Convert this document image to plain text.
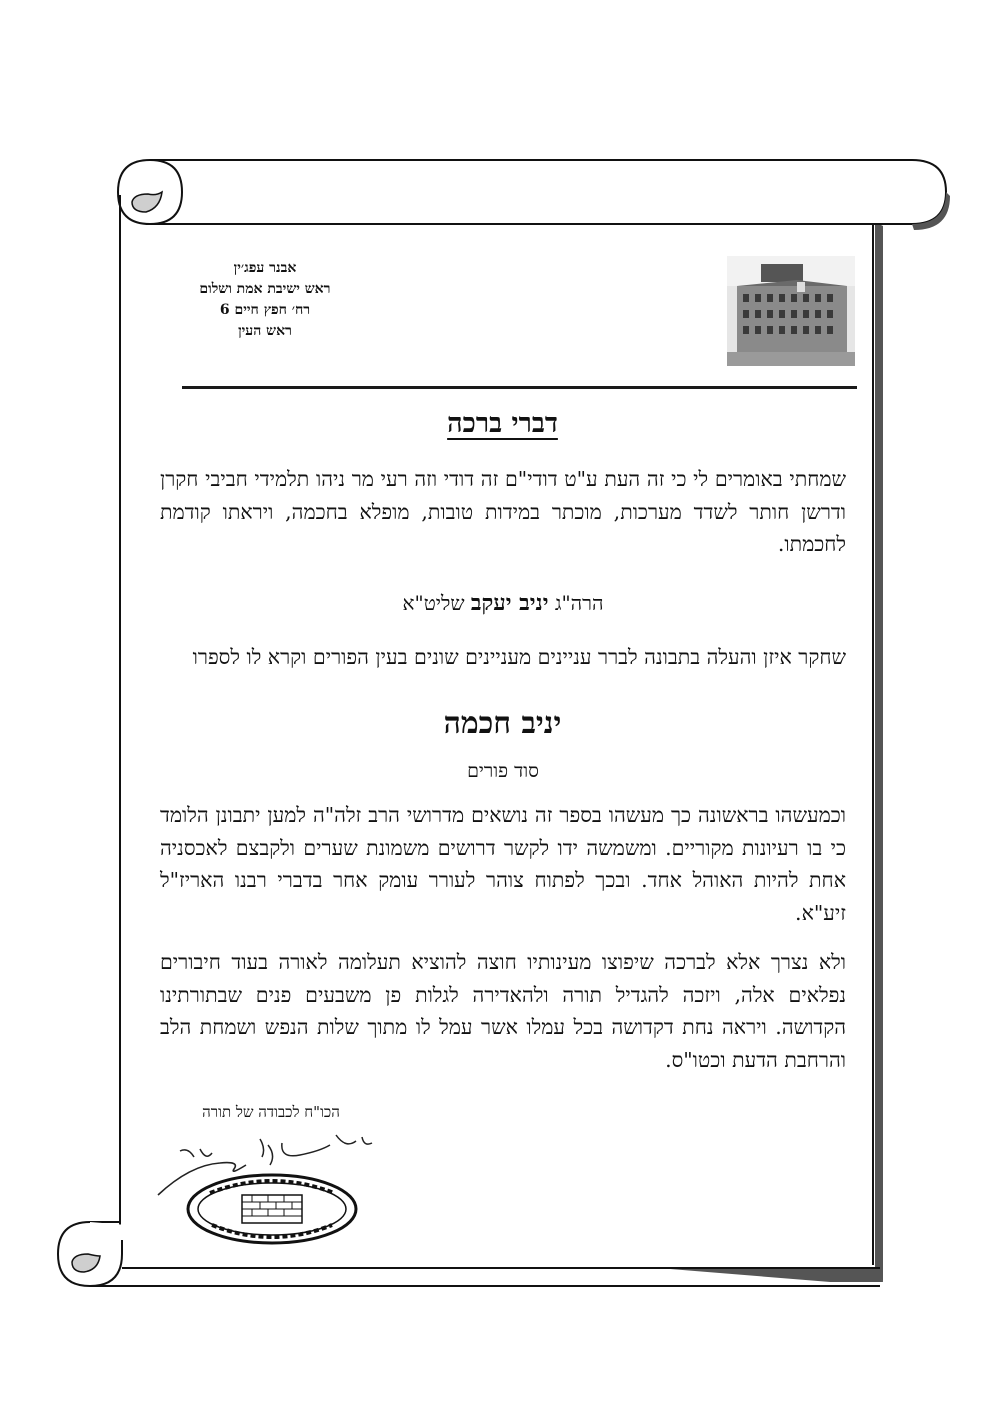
אבנר עפג׳ין
ראש ישיבת אמת ושלום
רח׳ חפץ חיים 6
ראש העין
דברי ברכה

שמחתי באומרים לי כי זה העת ע"ט דודי"ם זה דודי וזה רעי מר ניהו תלמידי חביבי חקרן ודרשן חותר לשדד מערכות, מוכתר במידות טובות, מופלא בחכמה, ויראתו קודמת לחכמתו.

הרה"ג יניב יעקב שליט"א

שחקר איזן והעלה בתבונה לברר עניינים מעניינים שונים בעין הפורים וקרא לו לספרו

יניב חכמה
סוד פורים

וכמעשהו בראשונה כך מעשהו בספר זה נושאים מדרושי הרב זלה"ה למען יתבונן הלומד כי בו רעיונות מקוריים. ומשמשה ידו לקשר דרושים משמונת שערים ולקבצם לאכסניה אחת להיות האוהל אחד. ובכך לפתוח צוהר לעורר עומק אחר בדברי רבנו האריז"ל זיע"א.

ולא נצרך אלא לברכה שיפוצו מעינותיו חוצה להוציא תעלומה לאורה בעוד חיבורים נפלאים אלה, ויזכה להגדיל תורה ולהאדירה לגלות פן משבעים פנים שבתורתינו הקדושה. ויראה נחת דקדושה בכל עמלו אשר עמל לו מתוך שלות הנפש ושמחת הלב והרחבת הדעת וכטו"ס.

הכו"ח לכבודה של תורה
